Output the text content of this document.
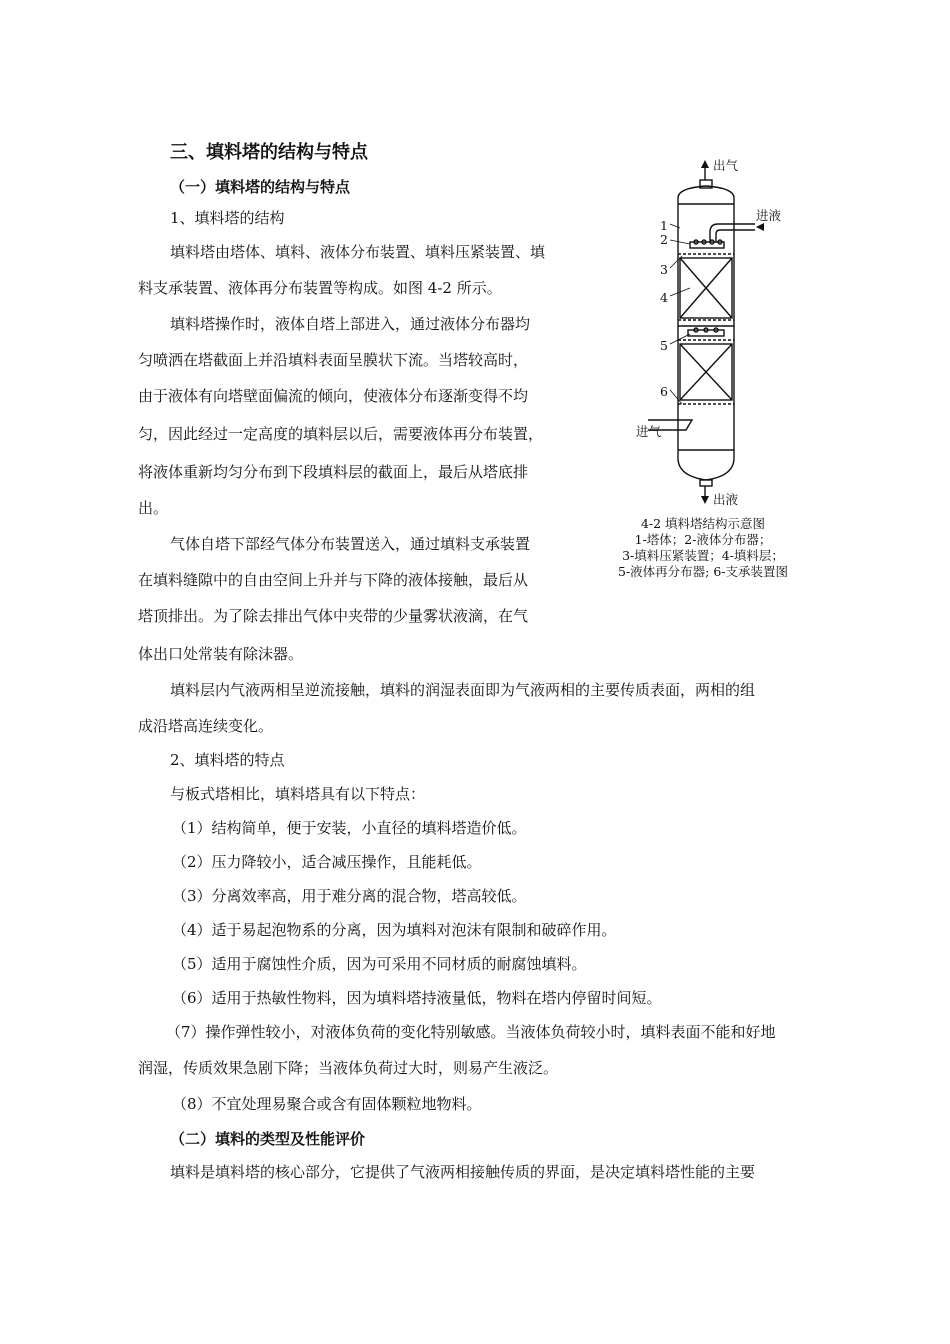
三、填料塔的结构与特点
（一）填料塔的结构与特点
1、填料塔的结构
填料塔由塔体、填料、液体分布装置、填料压紧装置、填
料支承装置、液体再分布装置等构成。如图 4-2 所示。
填料塔操作时，液体自塔上部进入，通过液体分布器均
匀喷洒在塔截面上并沿填料表面呈膜状下流。当塔较高时，
由于液体有向塔壁面偏流的倾向，使液体分布逐渐变得不均
匀，因此经过一定高度的填料层以后，需要液体再分布装置，
将液体重新均匀分布到下段填料层的截面上，最后从塔底排
出。
气体自塔下部经气体分布装置送入，通过填料支承装置
在填料缝隙中的自由空间上升并与下降的液体接触，最后从
塔顶排出。为了除去排出气体中夹带的少量雾状液滴，在气
体出口处常装有除沫器。
填料层内气液两相呈逆流接触，填料的润湿表面即为气液两相的主要传质表面，两相的组
成沿塔高连续变化。
2、填料塔的特点
与板式塔相比，填料塔具有以下特点：
（1）结构简单，便于安装，小直径的填料塔造价低。
（2）压力降较小，适合减压操作，且能耗低。
（3）分离效率高，用于难分离的混合物，塔高较低。
（4）适于易起泡物系的分离，因为填料对泡沫有限制和破碎作用。
（5）适用于腐蚀性介质，因为可采用不同材质的耐腐蚀填料。
（6）适用于热敏性物料，因为填料塔持液量低，物料在塔内停留时间短。
（7）操作弹性较小，对液体负荷的变化特别敏感。当液体负荷较小时，填料表面不能和好地
润湿，传质效果急剧下降；当液体负荷过大时，则易产生液泛。
（8）不宜处理易聚合或含有固体颗粒地物料。
（二）填料的类型及性能评价
填料是填料塔的核心部分，它提供了气液两相接触传质的界面，是决定填料塔性能的主要
出气
进液
进气
出液
1
2
3
4
5
6
4-2 填料塔结构示意图
1-塔体；2-液体分布器；
3-填料压紧装置；4-填料层；
5-液体再分布器; 6-支承装置图
